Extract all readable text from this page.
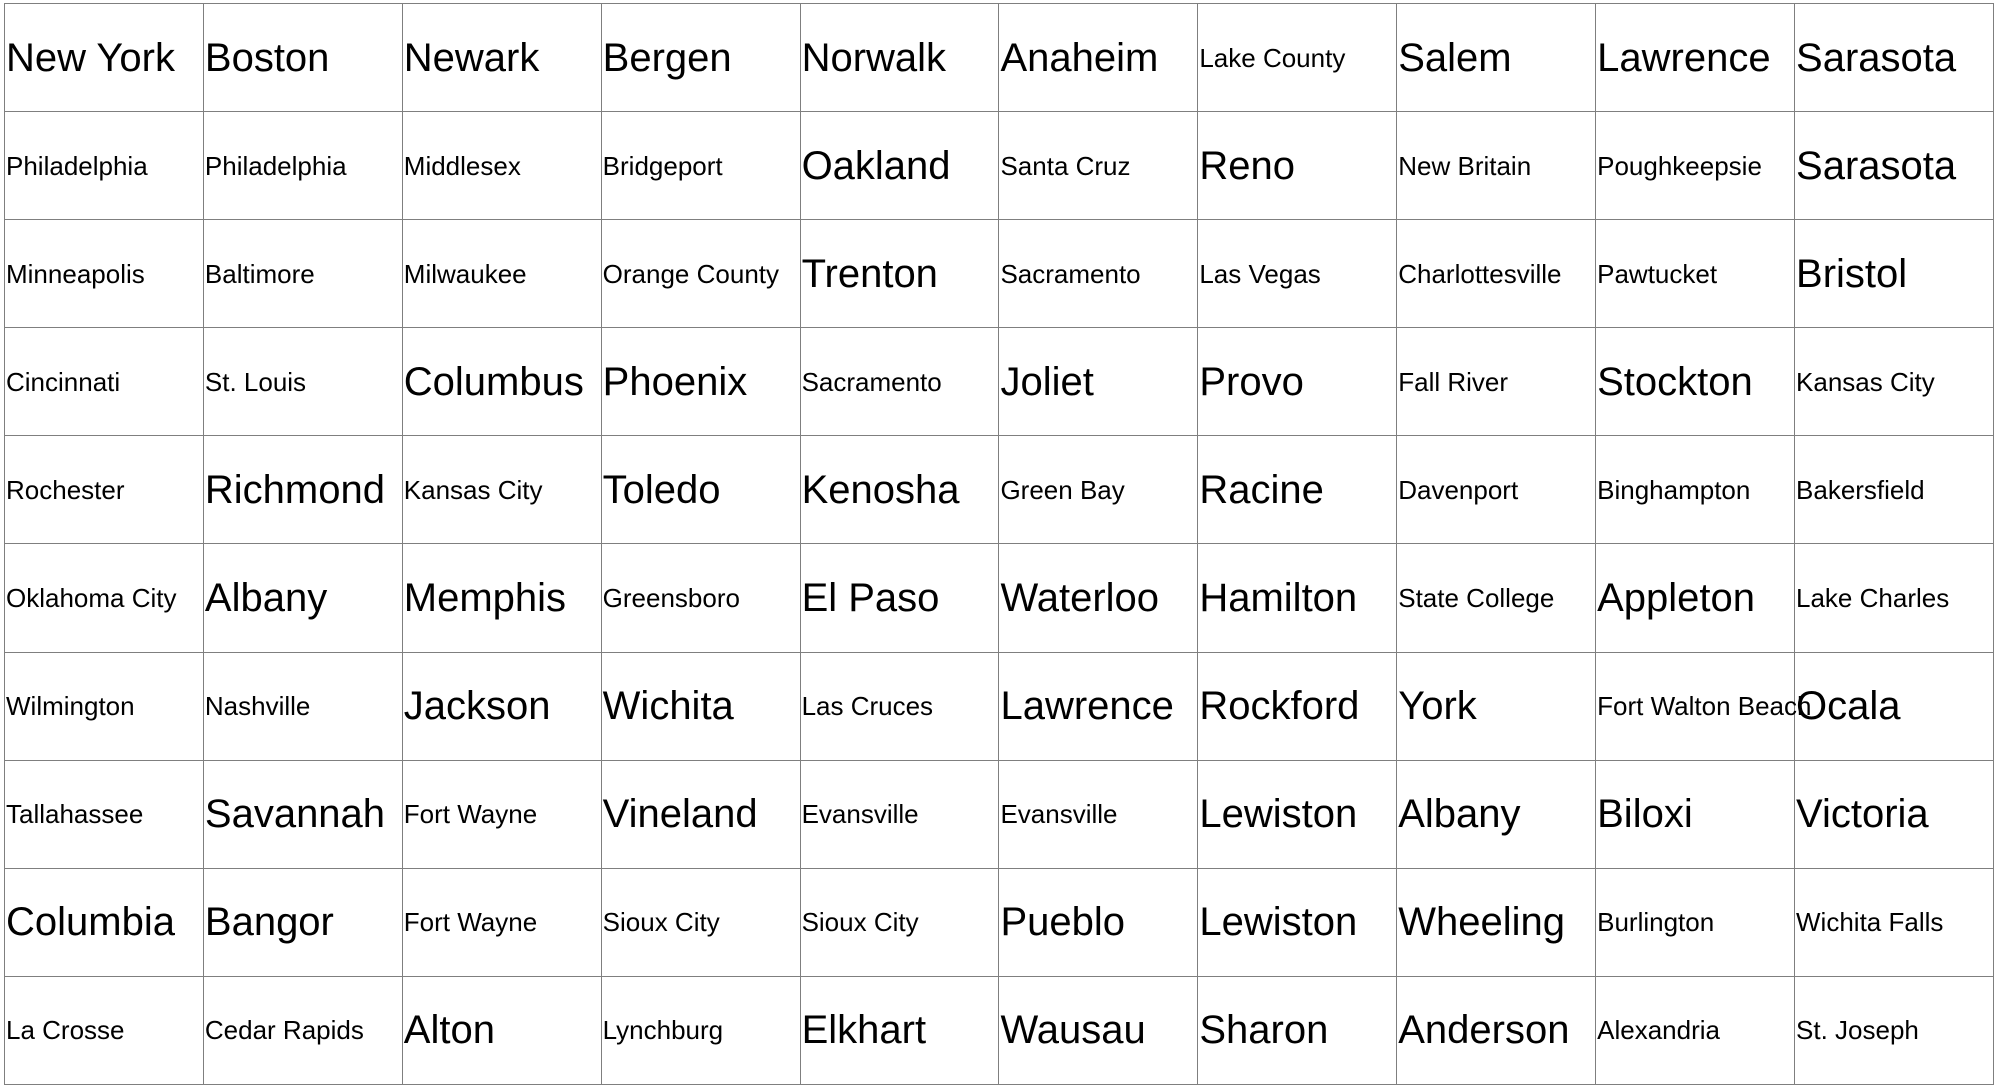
New York	Boston	Newark	Bergen	Norwalk	Anaheim	Lake County	Salem	Lawrence	Sarasota
Philadelphia	Philadelphia	Middlesex	Bridgeport	Oakland	Santa Cruz	Reno	New Britain	Poughkeepsie	Sarasota
Minneapolis	Baltimore	Milwaukee	Orange County	Trenton	Sacramento	Las Vegas	Charlottesville	Pawtucket	Bristol
Cincinnati	St. Louis	Columbus	Phoenix	Sacramento	Joliet	Provo	Fall River	Stockton	Kansas City
Rochester	Richmond	Kansas City	Toledo	Kenosha	Green Bay	Racine	Davenport	Binghampton	Bakersfield
Oklahoma City	Albany	Memphis	Greensboro	El Paso	Waterloo	Hamilton	State College	Appleton	Lake Charles
Wilmington	Nashville	Jackson	Wichita	Las Cruces	Lawrence	Rockford	York	Fort Walton Beach	Ocala
Tallahassee	Savannah	Fort Wayne	Vineland	Evansville	Evansville	Lewiston	Albany	Biloxi	Victoria
Columbia	Bangor	Fort Wayne	Sioux City	Sioux City	Pueblo	Lewiston	Wheeling	Burlington	Wichita Falls
La Crosse	Cedar Rapids	Alton	Lynchburg	Elkhart	Wausau	Sharon	Anderson	Alexandria	St. Joseph
